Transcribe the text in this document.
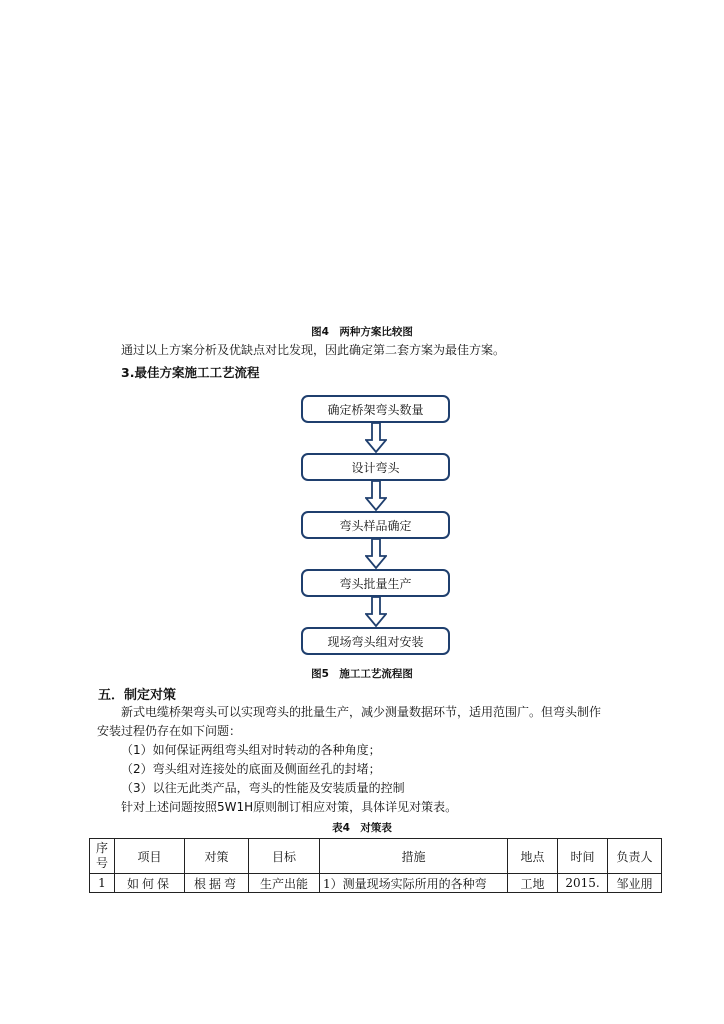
图4　两种方案比较图
通过以上方案分析及优缺点对比发现，因此确定第二套方案为最佳方案。
3.最佳方案施工工艺流程
确定桥架弯头数量
设计弯头
弯头样品确定
弯头批量生产
现场弯头组对安装
图5　施工工艺流程图
五．制定对策
新式电缆桥架弯头可以实现弯头的批量生产，减少测量数据环节，适用范围广。但弯头制作
安装过程仍存在如下问题：
（1）如何保证两组弯头组对时转动的各种角度；
（2）弯头组对连接处的底面及侧面丝孔的封堵；
（3）以往无此类产品，弯头的性能及安装质量的控制
针对上述问题按照5W1H原则制订相应对策，具体详见对策表。
表4　对策表
序
号	项目	对策	目标	措施	地点	时间	负责人
1	如何保	根据弯	生产出能	1）测量现场实际所用的各种弯	工地	2015.	邹业朋
